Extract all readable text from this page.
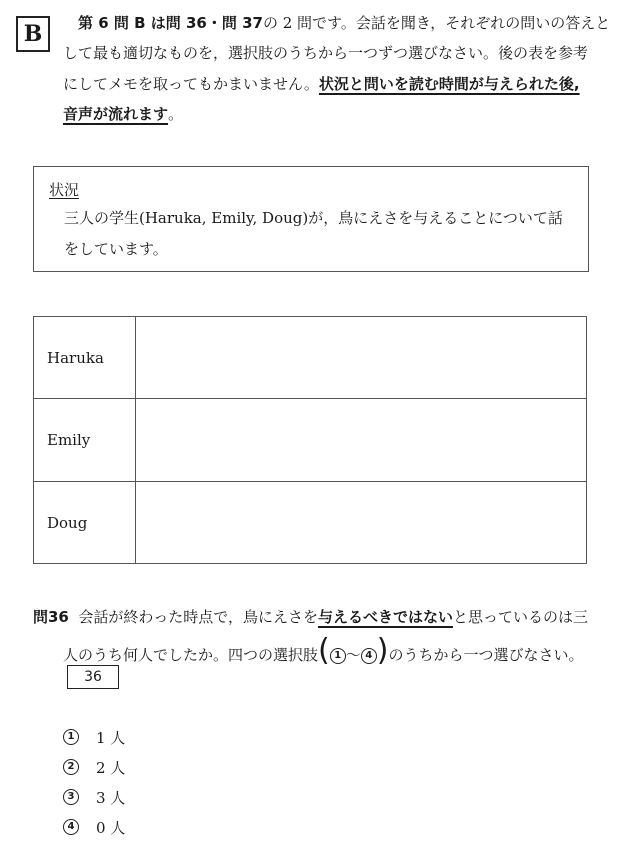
B	第 6 問 B は問 36・問 37の 2 問です。会話を聞き，それぞれの問いの答えと
して最も適切なものを，選択肢のうちから一つずつ選びなさい。後の表を参考
にしてメモを取ってもかまいません。状況と問いを読む時間が与えられた後,
音声が流れます。
状況
三人の学生(Haruka, Emily, Doug)が，鳥にえさを与えることについて話
をしています。
Haruka	
Emily	
Doug	
問36 会話が終わった時点で，鳥にえさを与えるべきではないと思っているのは三
人のうち何人でしたか。四つの選択肢( 1 ～ 4 )のうちから一つ選びなさい。
36
1	1 人
2	2 人
3	3 人
4	0 人
